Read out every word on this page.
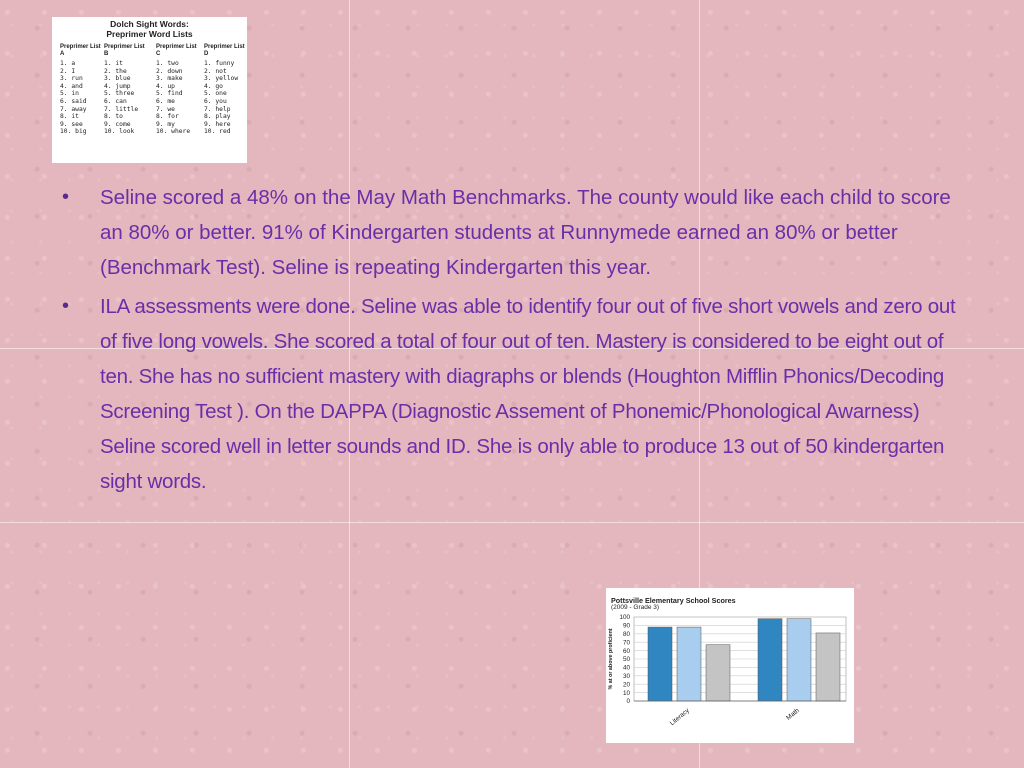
Dolch Sight Words:
Preprimer Word Lists
Preprimer List A
1. a
2. I
3. run
4. and
5. in
6. said
7. away
8. it
9. see
10. big
Preprimer List B
1. it
2. the
3. blue
4. jump
5. three
6. can
7. little
8. to
9. come
10. look
Preprimer List C
1. two
2. down
3. make
4. up
5. find
6. me
7. we
8. for
9. my
10. where
Preprimer List D
1. funny
2. not
3. yellow
4. go
5. one
6. you
7. help
8. play
9. here
10. red
• Seline scored a 48% on the May Math Benchmarks. The county would like each child to score an 80% or better. 91% of Kindergarten students at Runnymede earned an 80% or better (Benchmark Test). Seline is repeating Kindergarten this year.
• ILA assessments were done. Seline was able to identify four out of five short vowels and zero out of five long vowels. She scored a total of four out of ten. Mastery is considered to be eight out of ten. She has no sufficient mastery with diagraphs or blends (Houghton Mifflin Phonics/Decoding Screening Test ). On the DAPPA (Diagnostic Assement of Phonemic/Phonological Awarness) Seline scored well in letter sounds and ID. She is only able to produce 13 out of 50 kindergarten sight words.
Pottsville Elementary School Scores
(2009 - Grade 3)
0
10
20
30
40
50
60
70
80
90
100
% at or above proficient
Literacy	Math
